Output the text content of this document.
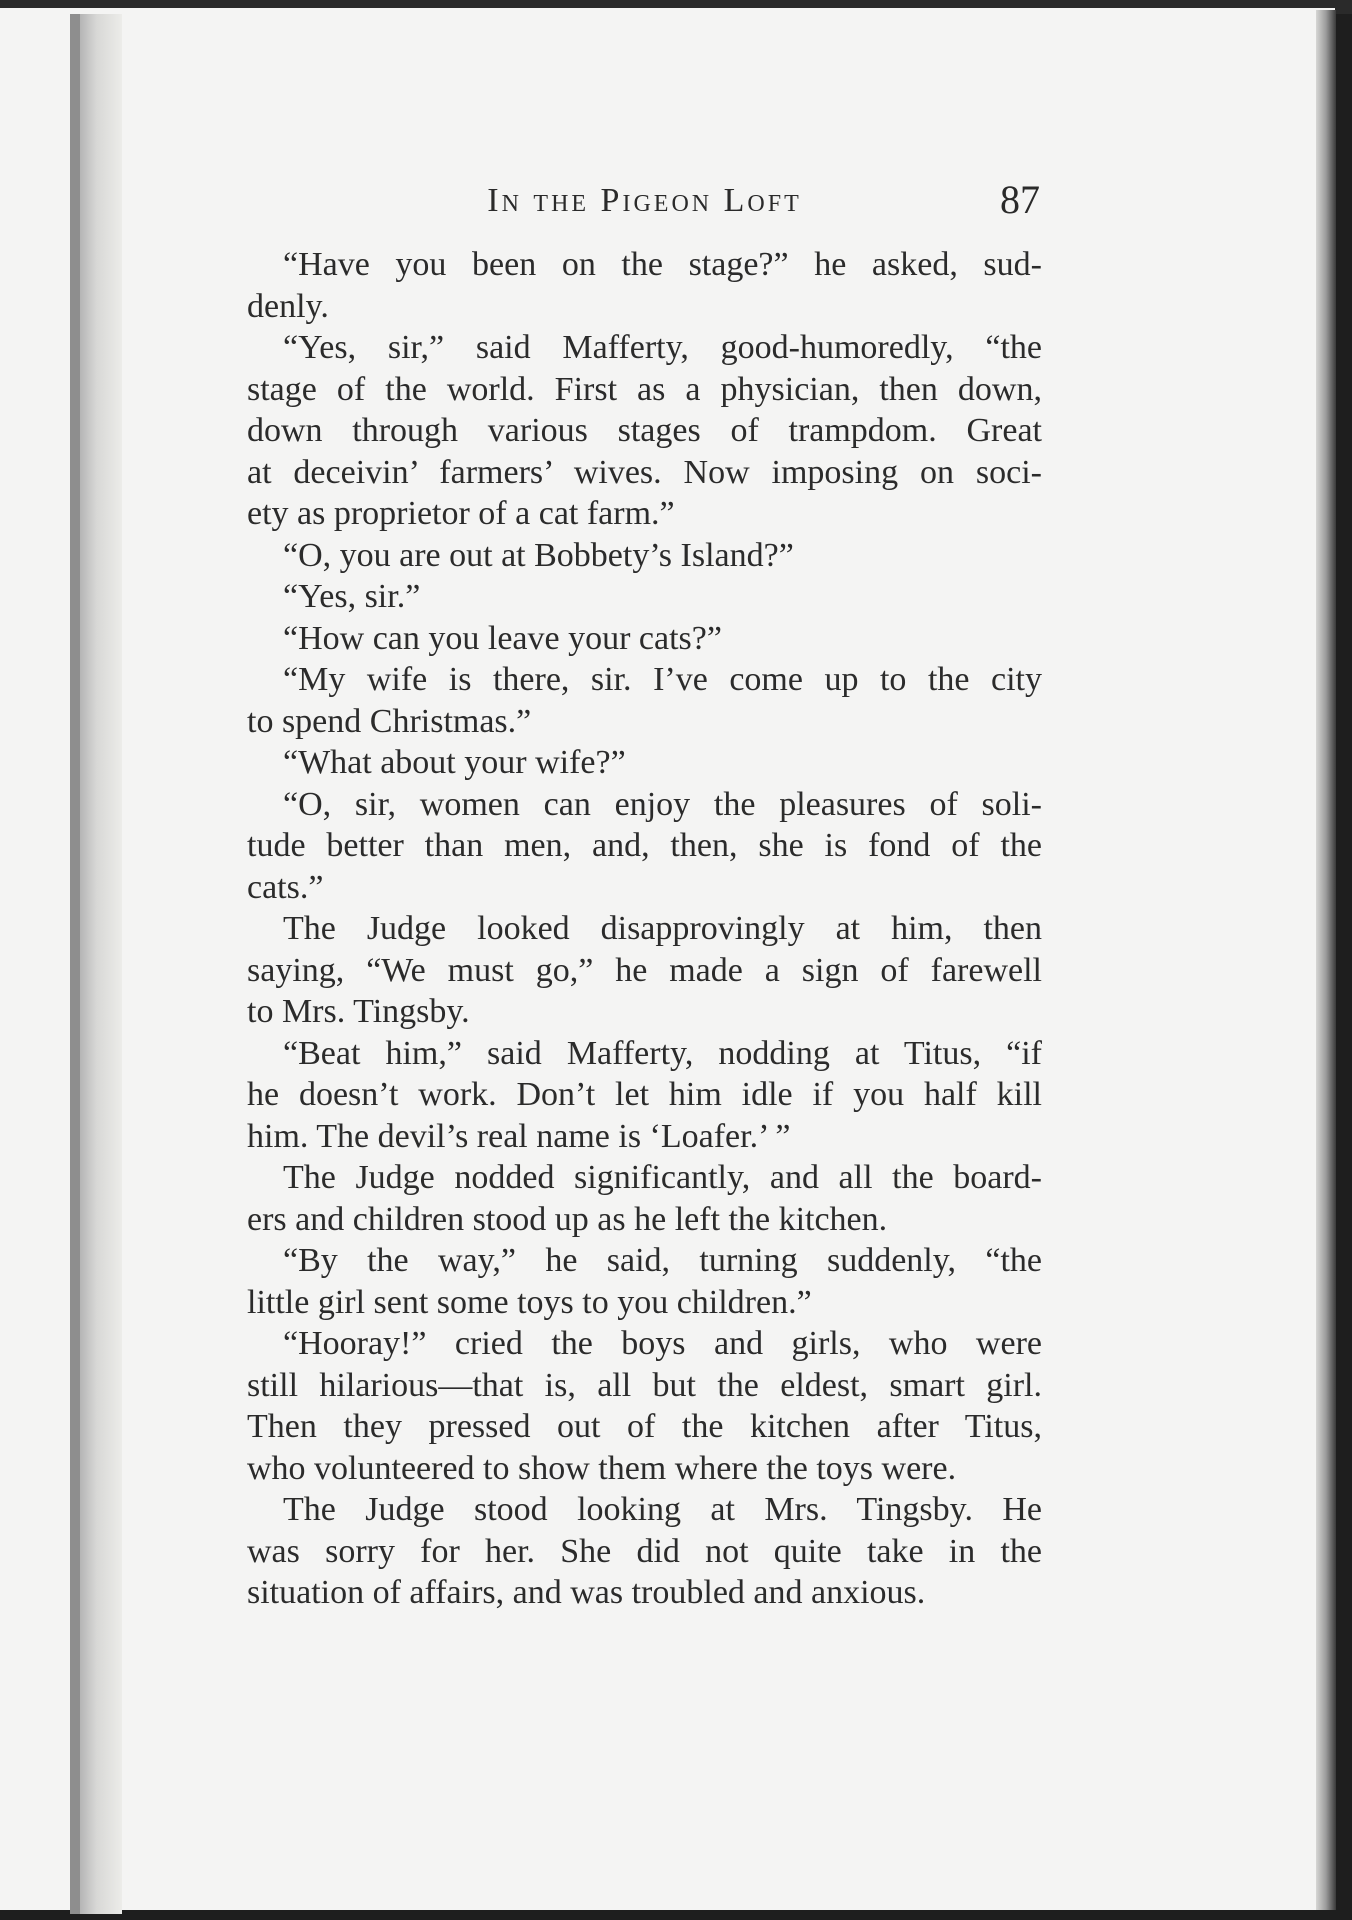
In the Pigeon Loft	87
“Have you been on the stage?” he asked, sud-
denly.
“Yes, sir,” said Mafferty, good-humoredly, “the
stage of the world. First as a physician, then down,
down through various stages of trampdom. Great
at deceivin’ farmers’ wives. Now imposing on soci-
ety as proprietor of a cat farm.”
“O, you are out at Bobbety’s Island?”
“Yes, sir.”
“How can you leave your cats?”
“My wife is there, sir. I’ve come up to the city
to spend Christmas.”
“What about your wife?”
“O, sir, women can enjoy the pleasures of soli-
tude better than men, and, then, she is fond of the
cats.”
The Judge looked disapprovingly at him, then
saying, “We must go,” he made a sign of farewell
to Mrs. Tingsby.
“Beat him,” said Mafferty, nodding at Titus, “if
he doesn’t work. Don’t let him idle if you half kill
him. The devil’s real name is ‘Loafer.’ ”
The Judge nodded significantly, and all the board-
ers and children stood up as he left the kitchen.
“By the way,” he said, turning suddenly, “the
little girl sent some toys to you children.”
“Hooray!” cried the boys and girls, who were
still hilarious—that is, all but the eldest, smart girl.
Then they pressed out of the kitchen after Titus,
who volunteered to show them where the toys were.
The Judge stood looking at Mrs. Tingsby. He
was sorry for her. She did not quite take in the
situation of affairs, and was troubled and anxious.
